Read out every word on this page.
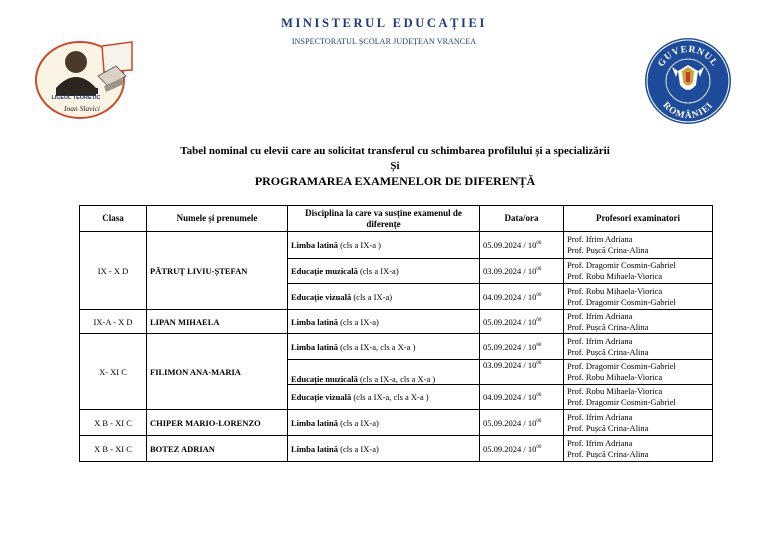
MINISTERUL EDUCAȚIEI
INSPECTORATUL ȘCOLAR JUDEȚEAN VRANCEA
LICEUL TEORETIC
Ioan Slavici
GUVERNUL
ROMÂNIEI
Tabel nominal cu elevii care au solicitat transferul cu schimbarea profilului și a specializării
Și
PROGRAMAREA EXAMENELOR DE DIFERENȚĂ
Clasa	Numele și prenumele	Disciplina la care va susține examenul de diferențe	Data/ora	Profesori examinatori
IX - X D	PĂTRUȚ LIVIU-ȘTEFAN	Limba latină (cls a IX-a )	$05.09.2024 / 10^{00}$	Prof. Ifrim Adriana
Prof. Pușcă Crina-Alina

		Educație muzicală (cls a IX-a)	$03.09.2024 / 10^{00}$	Prof. Dragomir Cosmin-Gabriel
Prof. Robu Mihaela-Viorica

		Educație vizuală (cls a IX-a)	$04.09.2024 / 10^{00}$	Prof. Robu Mihaela-Viorica
Prof. Dragomir Cosmin-Gabriel

IX-A - X D	LIPAN MIHAELA	Limba latină (cls a IX-a)	$05.09.2024 / 10^{00}$	Prof. Ifrim Adriana
Prof. Pușcă Crina-Alina

X- XI C	FILIMON ANA-MARIA	Limba latină (cls a IX-a, cls a X-a )	$05.09.2024 / 10^{00}$	Prof. Ifrim Adriana
Prof. Pușcă Crina-Alina

		Educație muzicală (cls a IX-a, cls a X-a )	$03.09.2024 / 10^{00}$	Prof. Dragomir Cosmin-Gabriel
Prof. Robu Mihaela-Viorica

		Educație vizuală (cls a IX-a, cls a X-a )	$04.09.2024 / 10^{00}$	Prof. Robu Mihaela-Viorica
Prof. Dragomir Cosmin-Gabriel

X B - XI C	CHIPER MARIO-LORENZO	Limba latină (cls a IX-a)	$05.09.2024 / 10^{00}$	Prof. Ifrim Adriana
Prof. Pușcă Crina-Alina

X B - XI C	BOTEZ ADRIAN	Limba latină (cls a IX-a)	$05.09.2024 / 10^{00}$	Prof. Ifrim Adriana
Prof. Pușcă Crina-Alina
